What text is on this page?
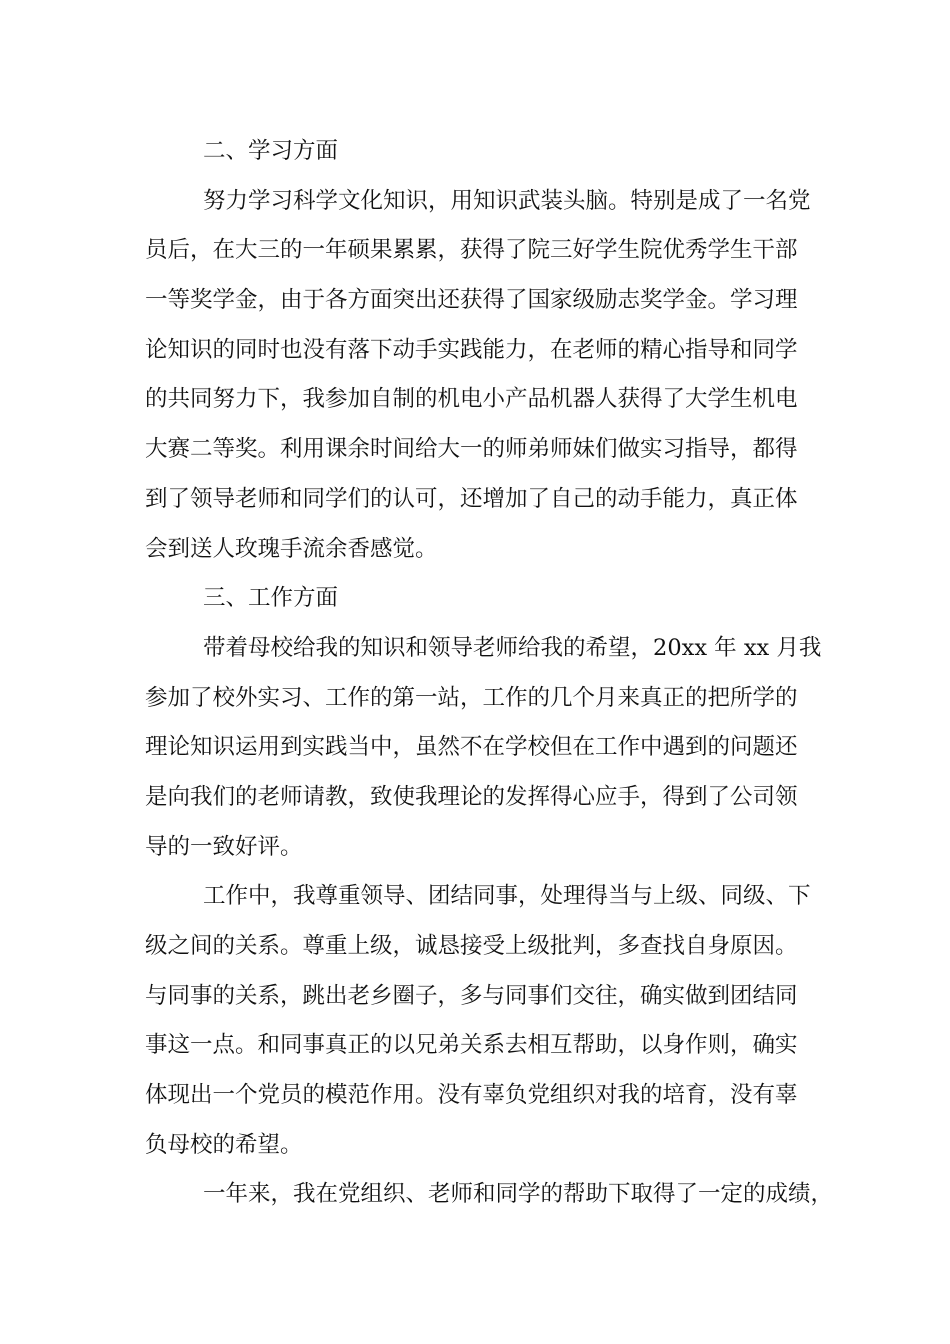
二、学习方面
努力学习科学文化知识，用知识武装头脑。特别是成了一名党
员后，在大三的一年硕果累累，获得了院三好学生院优秀学生干部
一等奖学金，由于各方面突出还获得了国家级励志奖学金。学习理
论知识的同时也没有落下动手实践能力，在老师的精心指导和同学
的共同努力下，我参加自制的机电小产品机器人获得了大学生机电
大赛二等奖。利用课余时间给大一的师弟师妹们做实习指导，都得
到了领导老师和同学们的认可，还增加了自己的动手能力，真正体
会到送人玫瑰手流余香感觉。
三、工作方面
带着母校给我的知识和领导老师给我的希望，20xx 年 xx 月我
参加了校外实习、工作的第一站，工作的几个月来真正的把所学的
理论知识运用到实践当中，虽然不在学校但在工作中遇到的问题还
是向我们的老师请教，致使我理论的发挥得心应手，得到了公司领
导的一致好评。
工作中，我尊重领导、团结同事，处理得当与上级、同级、下
级之间的关系。尊重上级，诚恳接受上级批判，多查找自身原因。
与同事的关系，跳出老乡圈子，多与同事们交往，确实做到团结同
事这一点。和同事真正的以兄弟关系去相互帮助，以身作则，确实
体现出一个党员的模范作用。没有辜负党组织对我的培育，没有辜
负母校的希望。
一年来，我在党组织、老师和同学的帮助下取得了一定的成绩，
